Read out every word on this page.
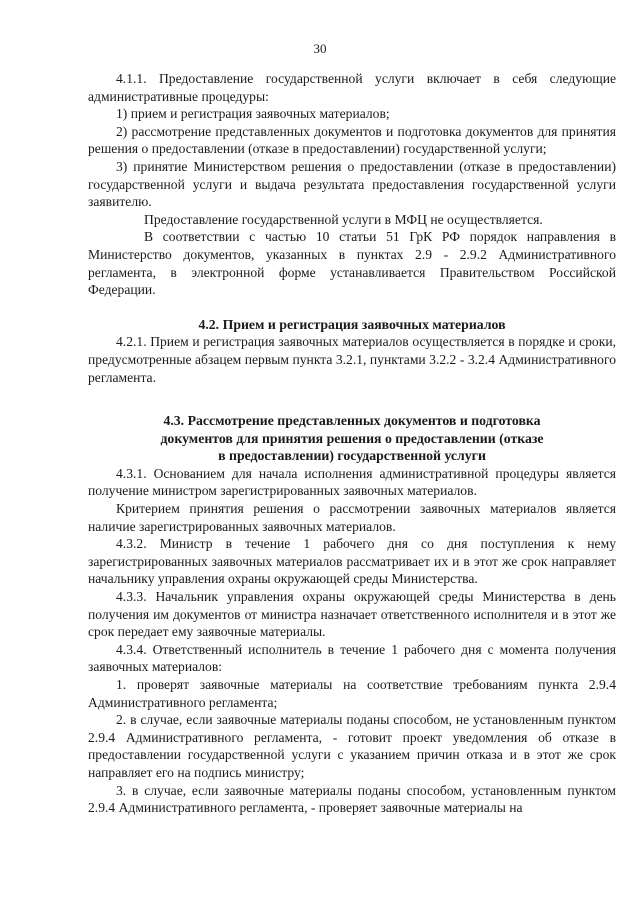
30

4.1.1. Предоставление государственной услуги включает в себя следующие административные процедуры:

1) прием и регистрация заявочных материалов;

2) рассмотрение представленных документов и подготовка документов для принятия решения о предоставлении (отказе в предоставлении) государственной услуги;

3) принятие Министерством решения о предоставлении (отказе в предоставлении) государственной услуги и выдача результата предоставления государственной услуги заявителю.

Предоставление государственной услуги в МФЦ не осуществляется.

В соответствии с частью 10 статьи 51 ГрК РФ порядок направления в Министерство документов, указанных в пунктах 2.9 - 2.9.2 Административного регламента, в электронной форме устанавливается Правительством Российской Федерации.

4.2. Прием и регистрация заявочных материалов

4.2.1. Прием и регистрация заявочных материалов осуществляется в порядке и сроки, предусмотренные абзацем первым пункта 3.2.1, пунктами 3.2.2 - 3.2.4 Административного регламента.

4.3. Рассмотрение представленных документов и подготовка
документов для принятия решения о предоставлении (отказе
в предоставлении) государственной услуги

4.3.1. Основанием для начала исполнения административной процедуры является получение министром зарегистрированных заявочных материалов.

Критерием принятия решения о рассмотрении заявочных материалов является наличие зарегистрированных заявочных материалов.

4.3.2. Министр в течение 1 рабочего дня со дня поступления к нему зарегистрированных заявочных материалов рассматривает их и в этот же срок направляет начальнику управления охраны окружающей среды Министерства.

4.3.3. Начальник управления охраны окружающей среды Министерства в день получения им документов от министра назначает ответственного исполнителя и в этот же срок передает ему заявочные материалы.

4.3.4. Ответственный исполнитель в течение 1 рабочего дня с момента получения заявочных материалов:

1. проверят заявочные материалы на соответствие требованиям пункта 2.9.4 Административного регламента;

2. в случае, если заявочные материалы поданы способом, не установленным пунктом 2.9.4 Административного регламента, - готовит проект уведомления об отказе в предоставлении государственной услуги с указанием причин отказа и в этот же срок направляет его на подпись министру;

3. в случае, если заявочные материалы поданы способом, установленным пунктом 2.9.4 Административного регламента, - проверяет заявочные материалы на
